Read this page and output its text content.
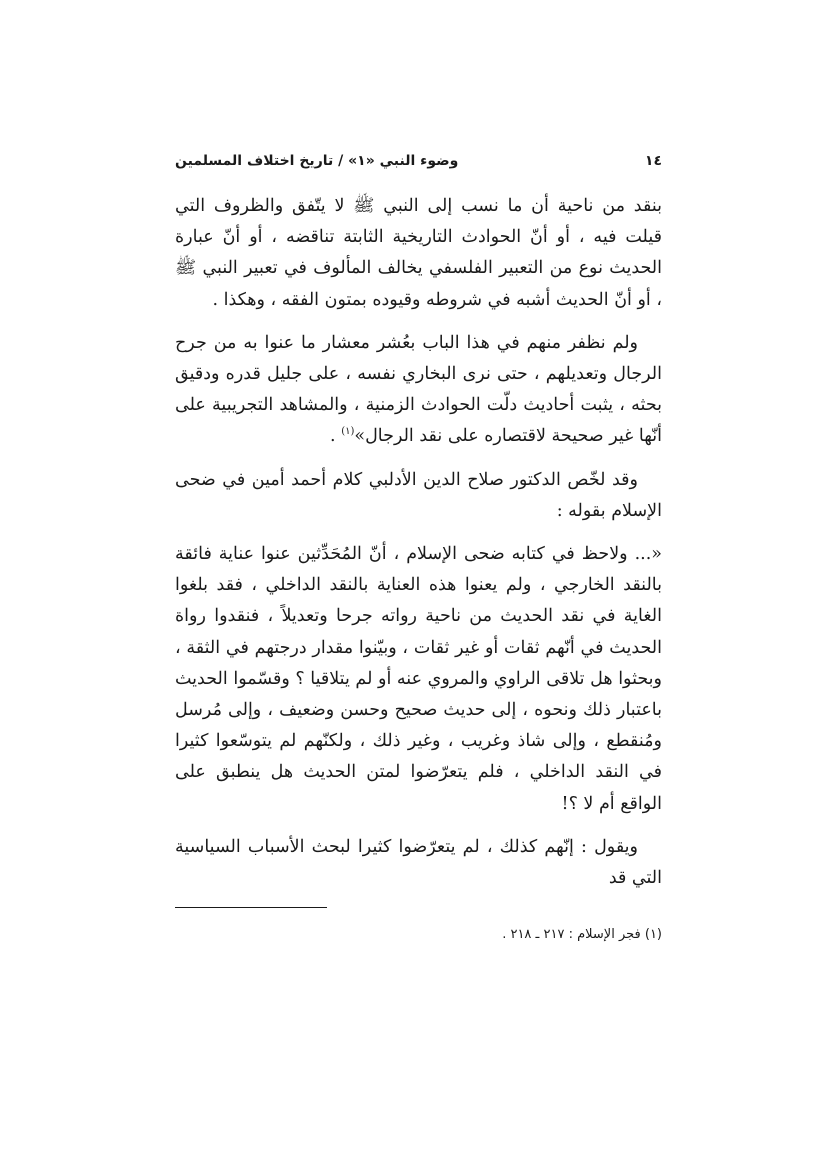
١٤
وضوء النبي «١» / تاريخ اختلاف المسلمين

بنقد من ناحية أن ما نسب إلى النبي ﷺ لا يتّفق والظروف التي قيلت فيه ، أو أنّ الحوادث التاريخية الثابتة تناقضه ، أو أنّ عبارة الحديث نوع من التعبير الفلسفي يخالف المألوف في تعبير النبي ﷺ ، أو أنّ الحديث أشبه في شروطه وقيوده بمتون الفقه ، وهكذا .

ولم نظفر منهم في هذا الباب بعُشر معشار ما عنوا به من جرح الرجال وتعديلهم ، حتى نرى البخاري نفسه ، على جليل قدره ودقيق بحثه ، يثبت أحاديث دلّت الحوادث الزمنية ، والمشاهد التجريبية على أنّها غير صحيحة لاقتصاره على نقد الرجال»$^{(١)}$ .

وقد لخّص الدكتور صلاح الدين الأدلبي كلام أحمد أمين في ضحى الإسلام بقوله :

«... ولاحظ في كتابه ضحى الإسلام ، أنّ المُحَدِّثين عنوا عناية فائقة بالنقد الخارجي ، ولم يعنوا هذه العناية بالنقد الداخلي ، فقد بلغوا الغاية في نقد الحديث من ناحية رواته جرحا وتعديلاً ، فنقدوا رواة الحديث في أنّهم ثقات أو غير ثقات ، وبيّنوا مقدار درجتهم في الثقة ، وبحثوا هل تلاقى الراوي والمروي عنه أو لم يتلاقيا ؟ وقسّموا الحديث باعتبار ذلك ونحوه ، إلى حديث صحيح وحسن وضعيف ، وإلى مُرسل ومُنقطع ، وإلى شاذ وغريب ، وغير ذلك ، ولكنّهم لم يتوسّعوا كثيرا في النقد الداخلي ، فلم يتعرّضوا لمتن الحديث هل ينطبق على الواقع أم لا ؟!

ويقول : إنّهم كذلك ، لم يتعرّضوا كثيرا لبحث الأسباب السياسية التي قد

(١) فجر الإسلام : ٢١٧ ـ ٢١٨ .
